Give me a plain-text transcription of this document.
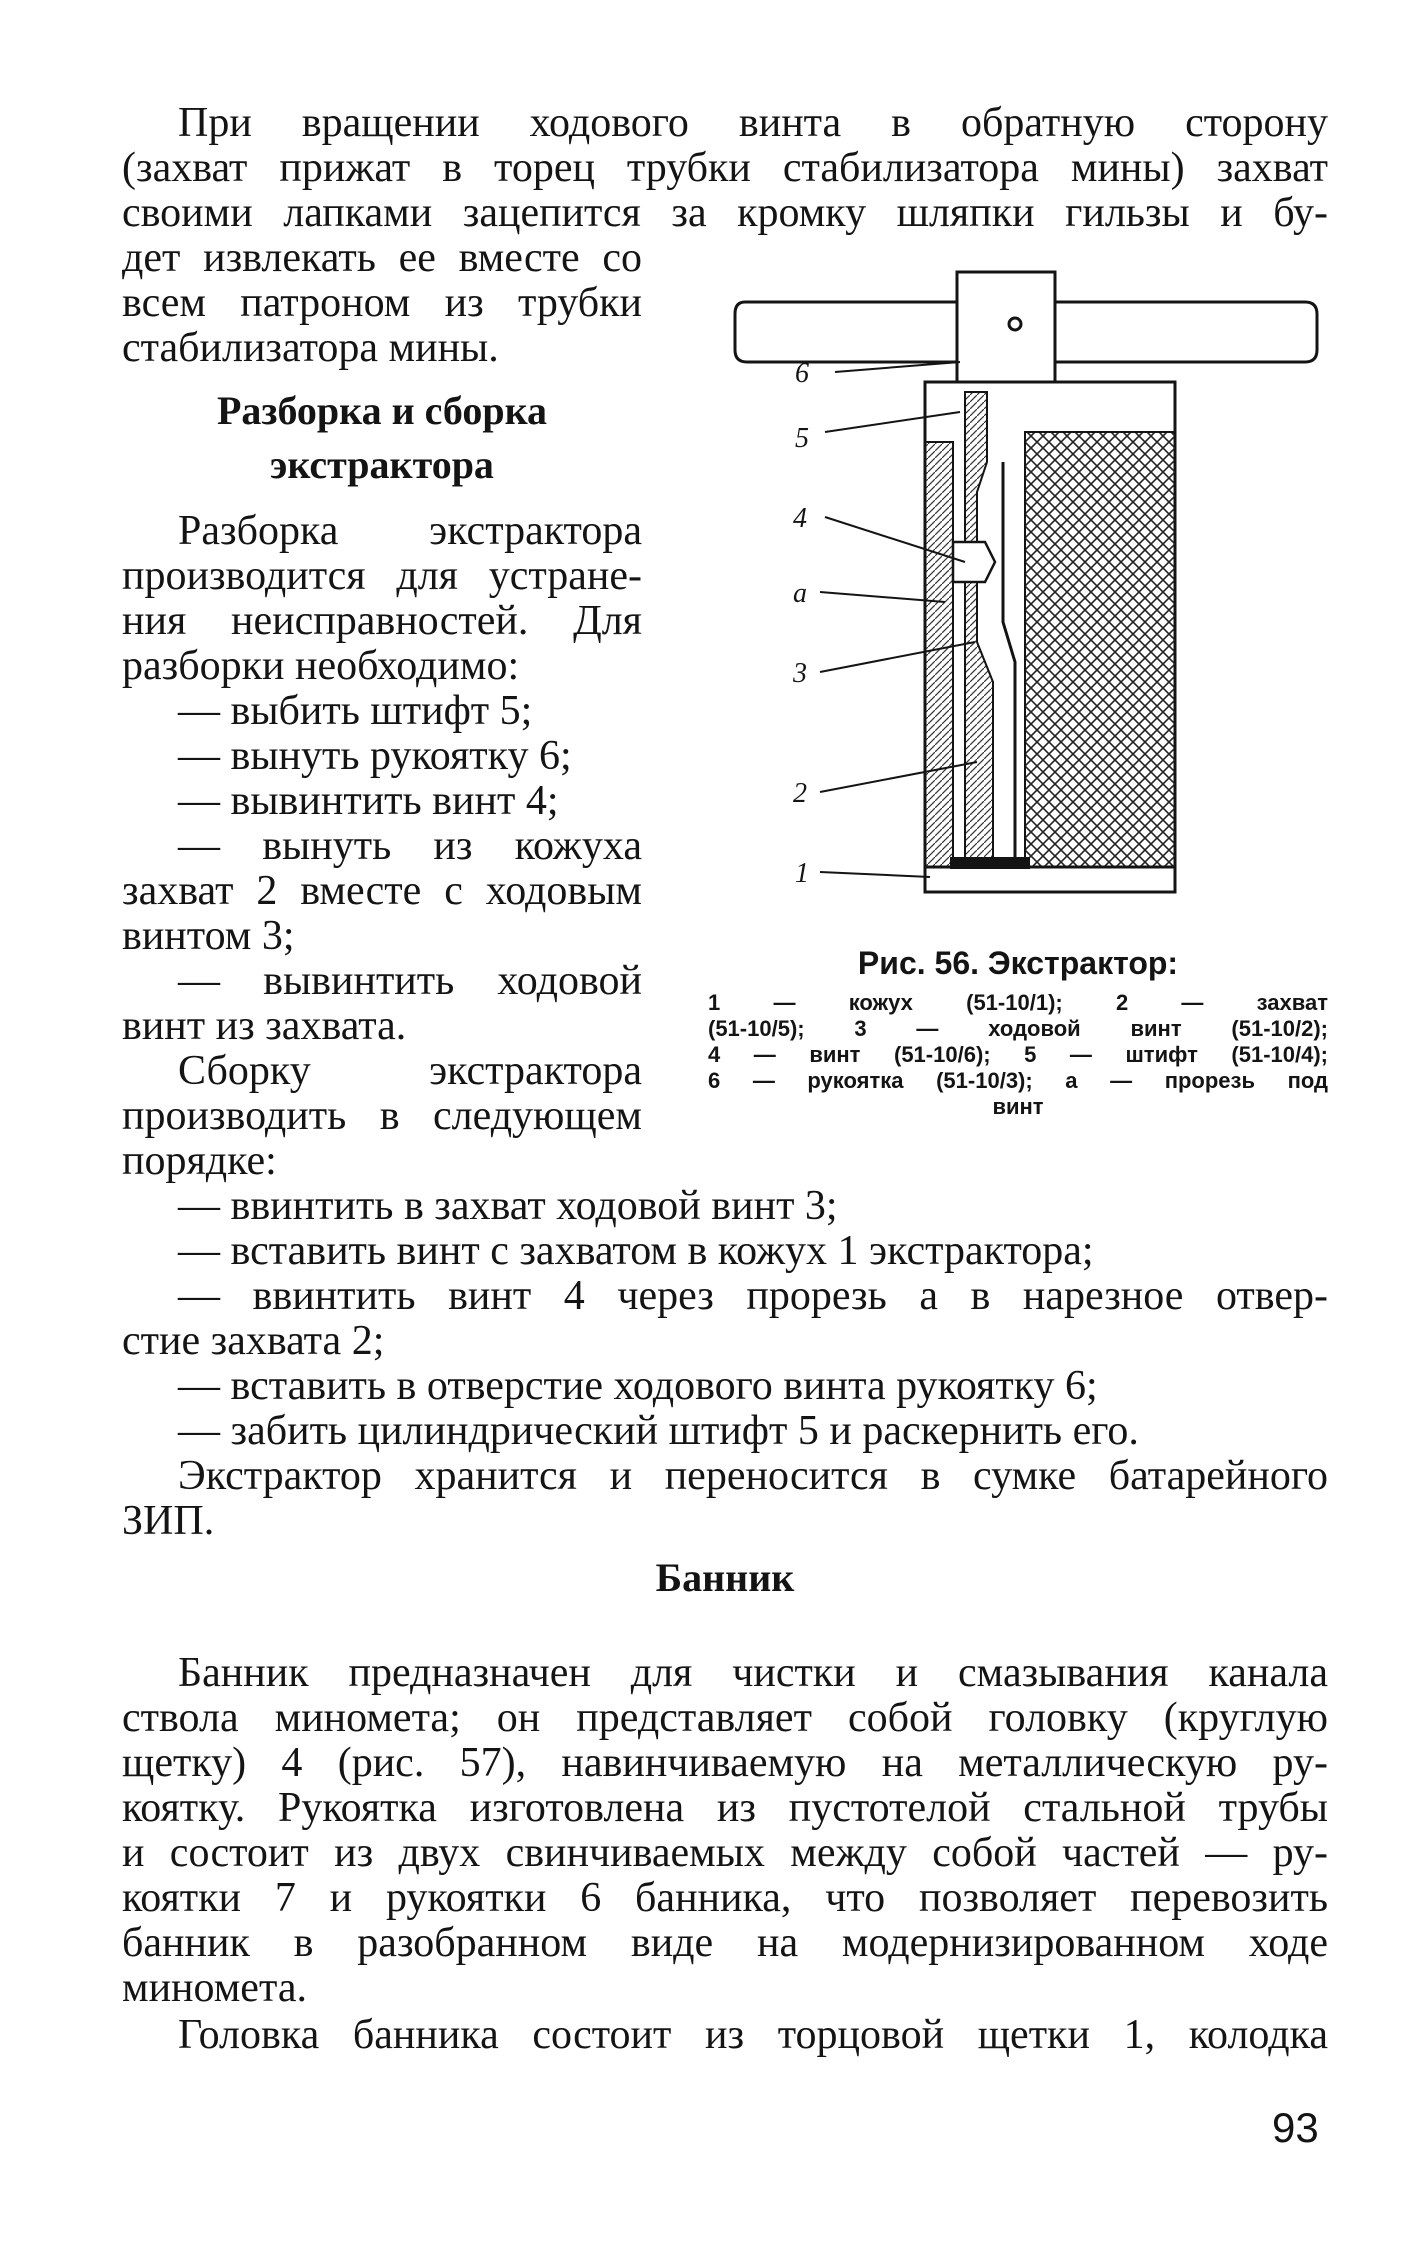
При вращении ходового винта в обратную сторону
(захват прижат в торец трубки стабилизатора мины) захват
своими лапками зацепится за кромку шляпки гильзы и бу-
дет извлекать ее вместе со
всем патроном из трубки
стабилизатора мины.
Разборка и сборка
экстрактора
Разборка экстрактора
производится для устране-
ния неисправностей. Для
разборки необходимо:
— выбить штифт 5;
— вынуть рукоятку 6;
— вывинтить винт 4;
— вынуть из кожуха
захват 2 вместе с ходовым
винтом 3;
— вывинтить ходовой
винт из захвата.
Сборку экстрактора
производить в следующем
порядке:
6
5
4
а
3
2
1
Рис. 56. Экстрактор:
1 — кожух (51-10/1); 2 — захват
(51-10/5); 3 — ходовой винт (51-10/2);
4 — винт (51-10/6); 5 — штифт (51-10/4);
6 — рукоятка (51-10/3); а — прорезь под
винт
— ввинтить в захват ходовой винт 3;
— вставить винт с захватом в кожух 1 экстрактора;
— ввинтить винт 4 через прорезь а в нарезное отвер-
стие захвата 2;
— вставить в отверстие ходового винта рукоятку 6;
— забить цилиндрический штифт 5 и раскернить его.
Экстрактор хранится и переносится в сумке батарейного
ЗИП.
Банник
Банник предназначен для чистки и смазывания канала
ствола миномета; он представляет собой головку (круглую
щетку) 4 (рис. 57), навинчиваемую на металлическую ру-
коятку. Рукоятка изготовлена из пустотелой стальной трубы
и состоит из двух свинчиваемых между собой частей — ру-
коятки 7 и рукоятки 6 банника, что позволяет перевозить
банник в разобранном виде на модернизированном ходе
миномета.
Головка банника состоит из торцовой щетки 1, колодка
93
